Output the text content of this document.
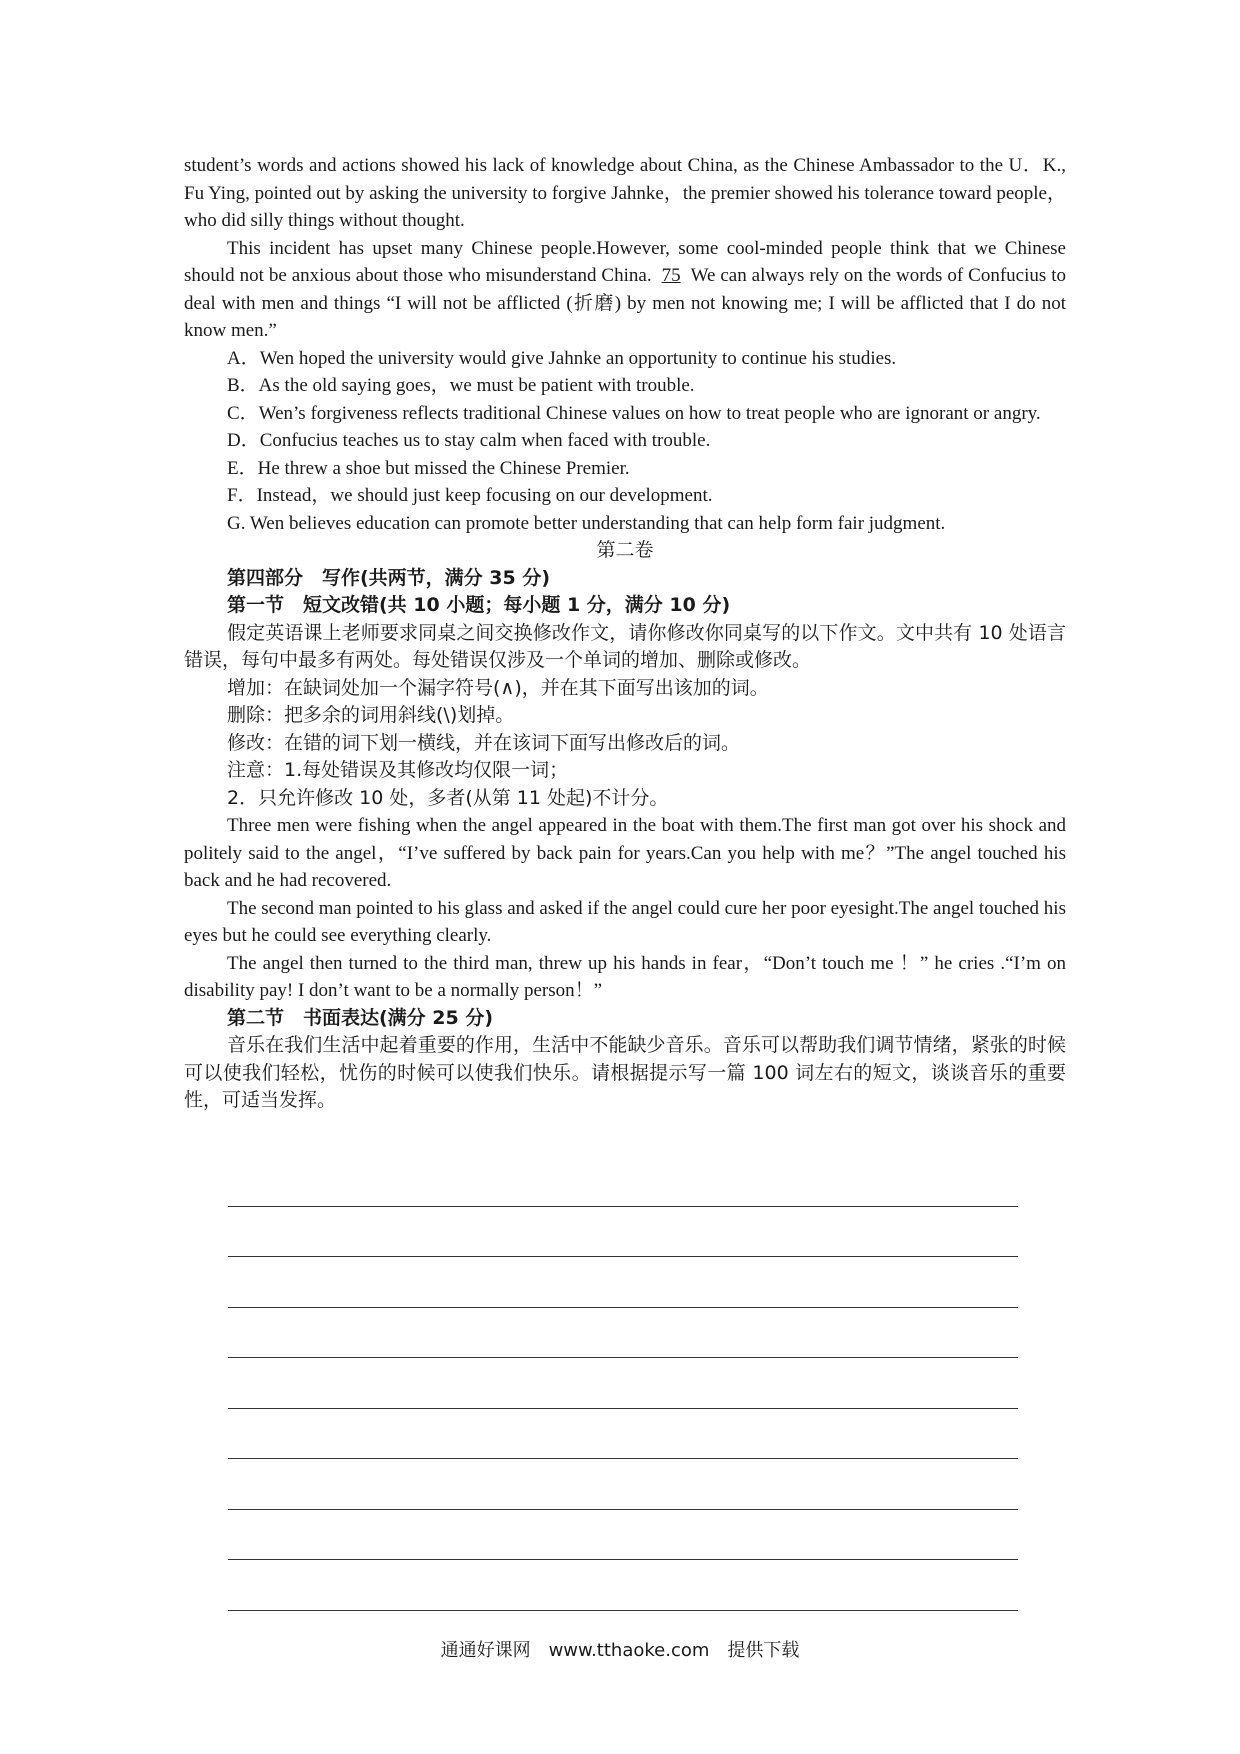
student’s words and actions showed his lack of knowledge about China, as the Chinese Ambassador to the U．K., Fu Ying, pointed out by asking the university to forgive Jahnke，the premier showed his tolerance toward people，who did silly things without thought.

This incident has upset many Chinese people.However, some cool-minded people think that we Chinese should not be anxious about those who misunderstand China. 75 We can always rely on the words of Confucius to deal with men and things “I will not be afflicted (折磨) by men not knowing me; I will be afflicted that I do not know men.”

A．Wen hoped the university would give Jahnke an opportunity to continue his studies.

B．As the old saying goes，we must be patient with trouble.

C．Wen’s forgiveness reflects traditional Chinese values on how to treat people who are ignorant or angry.

D．Confucius teaches us to stay calm when faced with trouble.

E．He threw a shoe but missed the Chinese Premier.

F．Instead，we should just keep focusing on our development.

G. Wen believes education can promote better understanding that can help form fair judgment.

第二卷

第四部分　写作(共两节，满分 35 分)

第一节　短文改错(共 10 小题；每小题 1 分，满分 10 分)

假定英语课上老师要求同桌之间交换修改作文，请你修改你同桌写的以下作文。文中共有 10 处语言错误，每句中最多有两处。每处错误仅涉及一个单词的增加、删除或修改。

增加：在缺词处加一个漏字符号(∧)，并在其下面写出该加的词。

删除：把多余的词用斜线(\)划掉。

修改：在错的词下划一横线，并在该词下面写出修改后的词。

注意：1.每处错误及其修改均仅限一词；

2．只允许修改 10 处，多者(从第 11 处起)不计分。

Three men were fishing when the angel appeared in the boat with them.The first man got over his shock and politely said to the angel，“I’ve suffered by back pain for years.Can you help with me？”The angel touched his back and he had recovered.

The second man pointed to his glass and asked if the angel could cure her poor eyesight.The angel touched his eyes but he could see everything clearly.

The angel then turned to the third man, threw up his hands in fear，“Don’t touch me ！” he cries .“I’m on disability pay! I don’t want to be a normally person！”

第二节　书面表达(满分 25 分)

音乐在我们生活中起着重要的作用，生活中不能缺少音乐。音乐可以帮助我们调节情绪，紧张的时候可以使我们轻松，忧伤的时候可以使我们快乐。请根据提示写一篇 100 词左右的短文，谈谈音乐的重要性，可适当发挥。

通通好课网　www.tthaoke.com　提供下载
